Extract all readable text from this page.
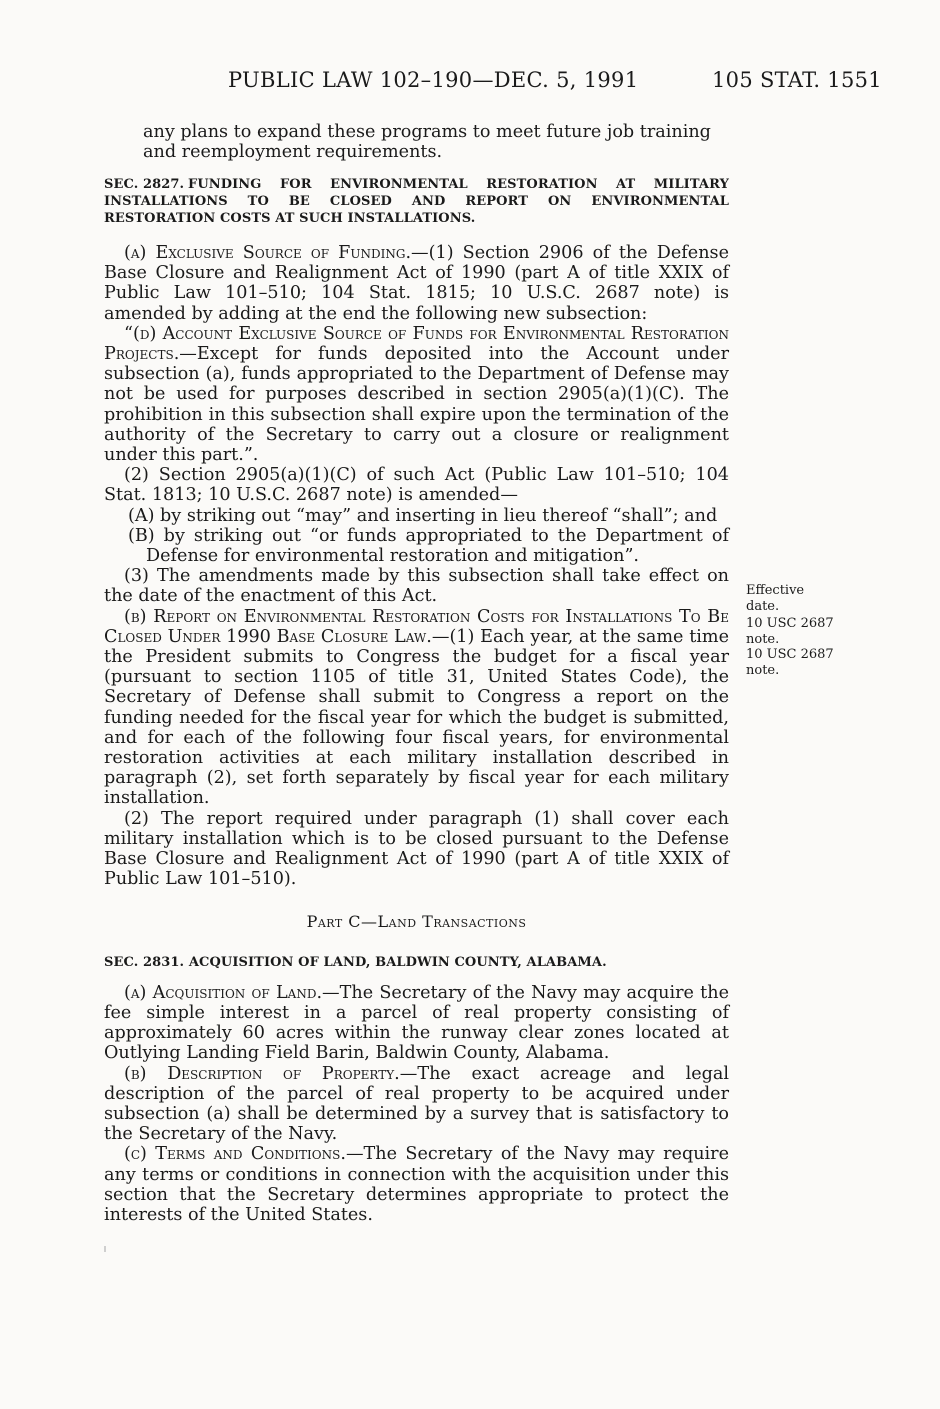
PUBLIC LAW 102–190—DEC. 5, 1991	105 STAT. 1551

any plans to expand these programs to meet future job training and reemployment requirements.

SEC. 2827. FUNDING FOR ENVIRONMENTAL RESTORATION AT MILITARY INSTALLATIONS TO BE CLOSED AND REPORT ON ENVIRONMENTAL RESTORATION COSTS AT SUCH INSTALLATIONS.

(a) Exclusive Source of Funding.—(1) Section 2906 of the Defense Base Closure and Realignment Act of 1990 (part A of title XXIX of Public Law 101–510; 104 Stat. 1815; 10 U.S.C. 2687 note) is amended by adding at the end the following new subsection:

“(d) Account Exclusive Source of Funds for Environmental Restoration Projects.—Except for funds deposited into the Account under subsection (a), funds appropriated to the Department of Defense may not be used for purposes described in section 2905(a)(1)(C). The prohibition in this subsection shall expire upon the termination of the authority of the Secretary to carry out a closure or realignment under this part.”.

(2) Section 2905(a)(1)(C) of such Act (Public Law 101–510; 104 Stat. 1813; 10 U.S.C. 2687 note) is amended—

(A) by striking out “may” and inserting in lieu thereof “shall”; and

(B) by striking out “or funds appropriated to the Department of Defense for environmental restoration and mitigation”.

(3) The amendments made by this subsection shall take effect on the date of the enactment of this Act.

(b) Report on Environmental Restoration Costs for Installations To Be Closed Under 1990 Base Closure Law.—(1) Each year, at the same time the President submits to Congress the budget for a fiscal year (pursuant to section 1105 of title 31, United States Code), the Secretary of Defense shall submit to Congress a report on the funding needed for the fiscal year for which the budget is submitted, and for each of the following four fiscal years, for environmental restoration activities at each military installation described in paragraph (2), set forth separately by fiscal year for each military installation.

(2) The report required under paragraph (1) shall cover each military installation which is to be closed pursuant to the Defense Base Closure and Realignment Act of 1990 (part A of title XXIX of Public Law 101–510).

Part C—Land Transactions

SEC. 2831. ACQUISITION OF LAND, BALDWIN COUNTY, ALABAMA.

(a) Acquisition of Land.—The Secretary of the Navy may acquire the fee simple interest in a parcel of real property consisting of approximately 60 acres within the runway clear zones located at Outlying Landing Field Barin, Baldwin County, Alabama.

(b) Description of Property.—The exact acreage and legal description of the parcel of real property to be acquired under subsection (a) shall be determined by a survey that is satisfactory to the Secretary of the Navy.

(c) Terms and Conditions.—The Secretary of the Navy may require any terms or conditions in connection with the acquisition under this section that the Secretary determines appropriate to protect the interests of the United States.

Effective

date.

10 USC 2687

note.

10 USC 2687

note.
